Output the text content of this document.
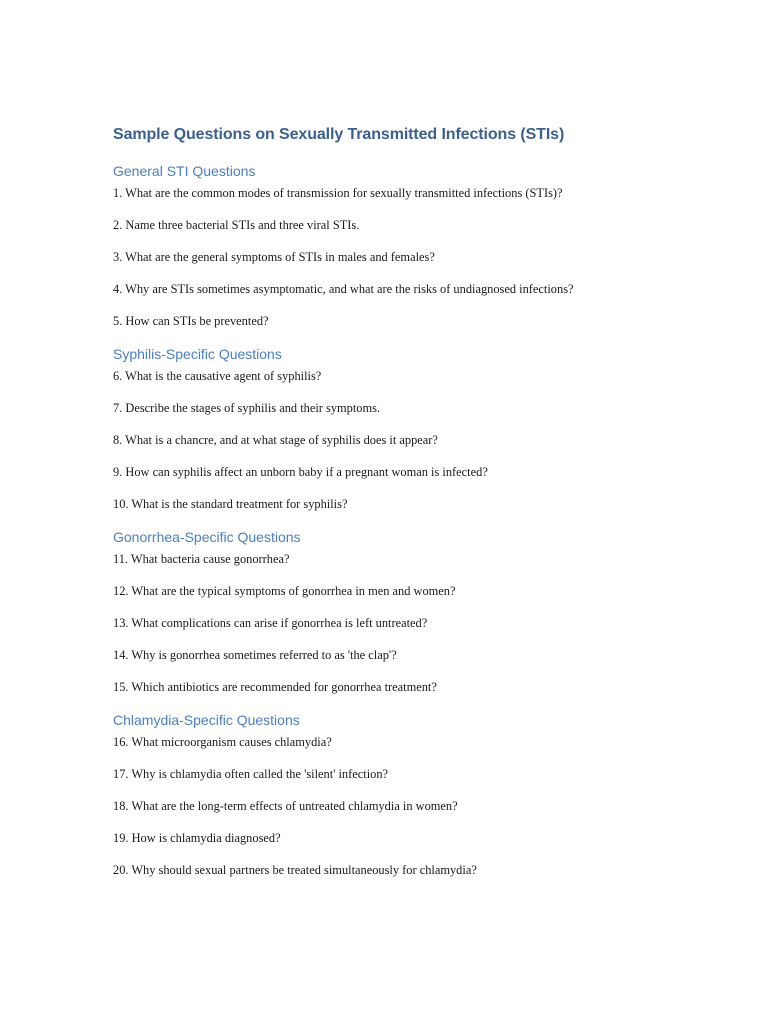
Sample Questions on Sexually Transmitted Infections (STIs)
General STI Questions

1. What are the common modes of transmission for sexually transmitted infections (STIs)?

2. Name three bacterial STIs and three viral STIs.

3. What are the general symptoms of STIs in males and females?

4. Why are STIs sometimes asymptomatic, and what are the risks of undiagnosed infections?

5. How can STIs be prevented?

Syphilis-Specific Questions

6. What is the causative agent of syphilis?

7. Describe the stages of syphilis and their symptoms.

8. What is a chancre, and at what stage of syphilis does it appear?

9. How can syphilis affect an unborn baby if a pregnant woman is infected?

10. What is the standard treatment for syphilis?

Gonorrhea-Specific Questions

11. What bacteria cause gonorrhea?

12. What are the typical symptoms of gonorrhea in men and women?

13. What complications can arise if gonorrhea is left untreated?

14. Why is gonorrhea sometimes referred to as 'the clap'?

15. Which antibiotics are recommended for gonorrhea treatment?

Chlamydia-Specific Questions

16. What microorganism causes chlamydia?

17. Why is chlamydia often called the 'silent' infection?

18. What are the long-term effects of untreated chlamydia in women?

19. How is chlamydia diagnosed?

20. Why should sexual partners be treated simultaneously for chlamydia?
